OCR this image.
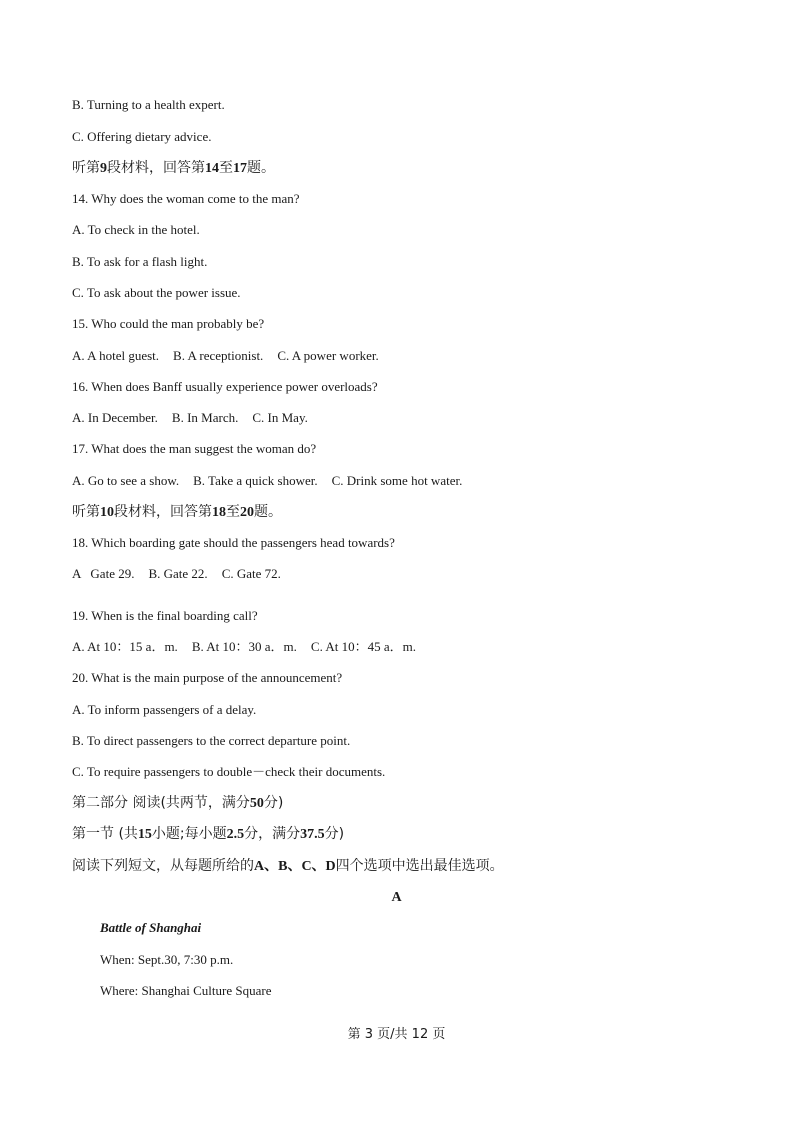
B. Turning to a health expert.
C. Offering dietary advice.
听第9段材料，回答第14至17题。
14. Why does the woman come to the man?
A. To check in the hotel.
B. To ask for a flash light.
C. To ask about the power issue.
15. Who could the man probably be?
A. A hotel guest. B. A receptionist. C. A power worker.
16. When does Banff usually experience power overloads?
A. In December. B. In March. C. In May.
17. What does the man suggest the woman do?
A. Go to see a show. B. Take a quick shower. C. Drink some hot water.
听第10段材料，回答第18至20题。
18. Which boarding gate should the passengers head towards?
A   Gate 29. B. Gate 22. C. Gate 72.
19. When is the final boarding call?
A. At 10：15 a．m. B. At 10：30 a．m. C. At 10：45 a．m.
20. What is the main purpose of the announcement?
A. To inform passengers of a delay.
B. To direct passengers to the correct departure point.
C. To require passengers to double－check their documents.
第二部分 阅读(共两节，满分50分)
第一节 (共15小题;每小题2.5分，满分37.5分)
阅读下列短文，从每题所给的A、B、C、D四个选项中选出最佳选项。
A
Battle of Shanghai
When: Sept.30, 7:30 p.m.
Where: Shanghai Culture Square
第 3 页/共 12 页
